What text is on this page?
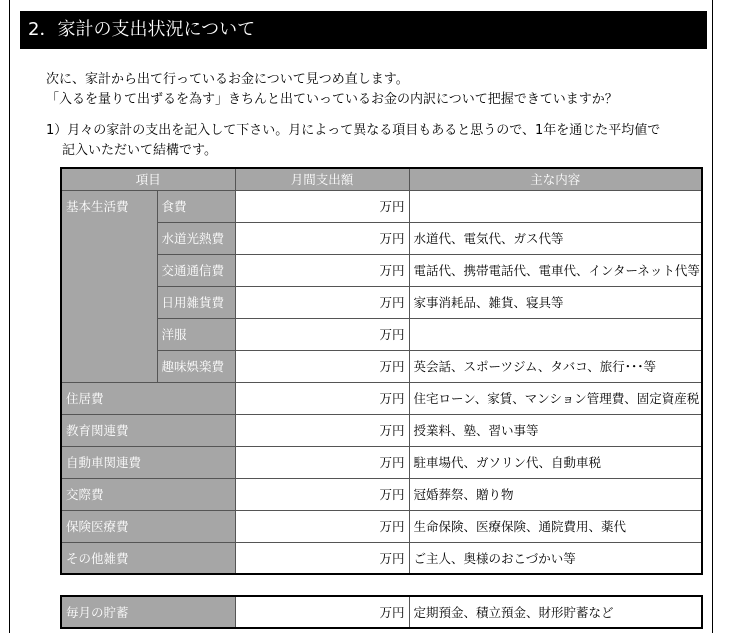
2．家計の支出状況について
次に、家計から出て行っているお金について見つめ直します。
「入るを量りて出ずるを為す」きちんと出ていっているお金の内訳について把握できていますか？
1）月々の家計の支出を記入して下さい。月によって異なる項目もあると思うので、1年を通じた平均値で
記入いただいて結構です。
項目		月間支出額	主な内容
基本生活費	食費	万円	
	水道光熱費	万円	水道代、電気代、ガス代等
	交通通信費	万円	電話代、携帯電話代、電車代、インターネット代等
	日用雑貨費	万円	家事消耗品、雑貨、寝具等
	洋服	万円	
	趣味娯楽費	万円	英会話、スポーツジム、タバコ、旅行･･･等
住居費		万円	住宅ローン、家賃、マンション管理費、固定資産税
教育関連費		万円	授業料、塾、習い事等
自動車関連費		万円	駐車場代、ガソリン代、自動車税
交際費		万円	冠婚葬祭、贈り物
保険医療費		万円	生命保険、医療保険、通院費用、薬代
その他雑費		万円	ご主人、奥様のおこづかい等
毎月の貯蓄	万円	定期預金、積立預金、財形貯蓄など
